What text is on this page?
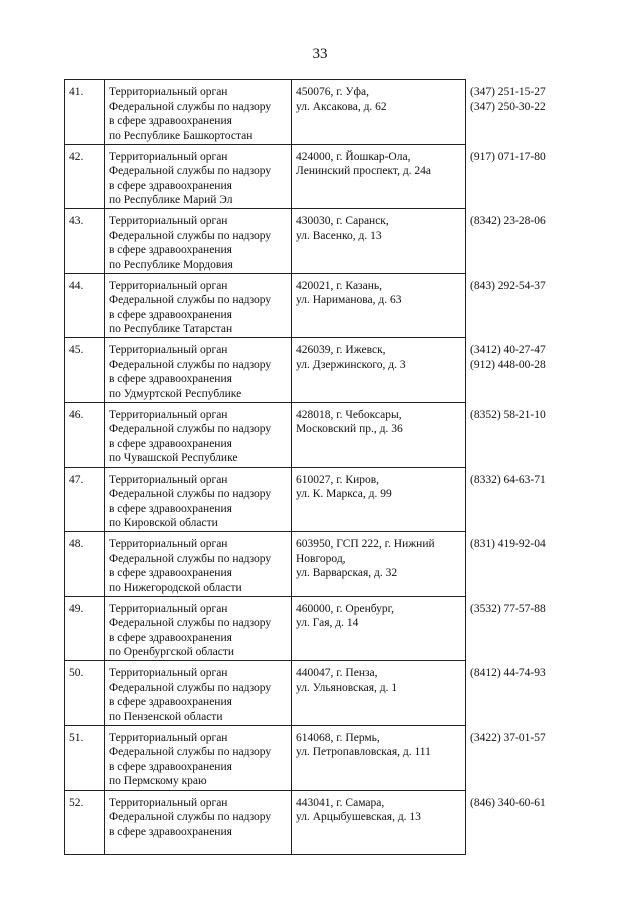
33
41.	Территориальный орган
Федеральной службы по надзору
в сфере здравоохранения
по Республике Башкортостан	450076, г. Уфа,
ул. Аксакова, д. 62	(347) 251-15-27
(347) 250-30-22

42.	Территориальный орган
Федеральной службы по надзору
в сфере здравоохранения
по Республике Марий Эл	424000, г. Йошкар-Ола,
Ленинский проспект, д. 24а	(917) 071-17-80

43.	Территориальный орган
Федеральной службы по надзору
в сфере здравоохранения
по Республике Мордовия	430030, г. Саранск,
ул. Васенко, д. 13	(8342) 23-28-06

44.	Территориальный орган
Федеральной службы по надзору
в сфере здравоохранения
по Республике Татарстан	420021, г. Казань,
ул. Нариманова, д. 63	(843) 292-54-37

45.	Территориальный орган
Федеральной службы по надзору
в сфере здравоохранения
по Удмуртской Республике	426039, г. Ижевск,
ул. Дзержинского, д. 3	(3412) 40-27-47
(912) 448-00-28

46.	Территориальный орган
Федеральной службы по надзору
в сфере здравоохранения
по Чувашской Республике	428018, г. Чебоксары,
Московский пр., д. 36	(8352) 58-21-10

47.	Территориальный орган
Федеральной службы по надзору
в сфере здравоохранения
по Кировской области	610027, г. Киров,
ул. К. Маркса, д. 99	(8332) 64-63-71

48.	Территориальный орган
Федеральной службы по надзору
в сфере здравоохранения
по Нижегородской области	603950, ГСП 222, г. Нижний
Новгород,
ул. Варварская, д. 32	(831) 419-92-04

49.	Территориальный орган
Федеральной службы по надзору
в сфере здравоохранения
по Оренбургской области	460000, г. Оренбург,
ул. Гая, д. 14	(3532) 77-57-88

50.	Территориальный орган
Федеральной службы по надзору
в сфере здравоохранения
по Пензенской области	440047, г. Пенза,
ул. Ульяновская, д. 1	(8412) 44-74-93

51.	Территориальный орган
Федеральной службы по надзору
в сфере здравоохранения
по Пермскому краю	614068, г. Пермь,
ул. Петропавловская, д. 111	(3422) 37-01-57

52.	Территориальный орган
Федеральной службы по надзору
в сфере здравоохранения	443041, г. Самара,
ул. Арцыбушевская, д. 13	(846) 340-60-61
